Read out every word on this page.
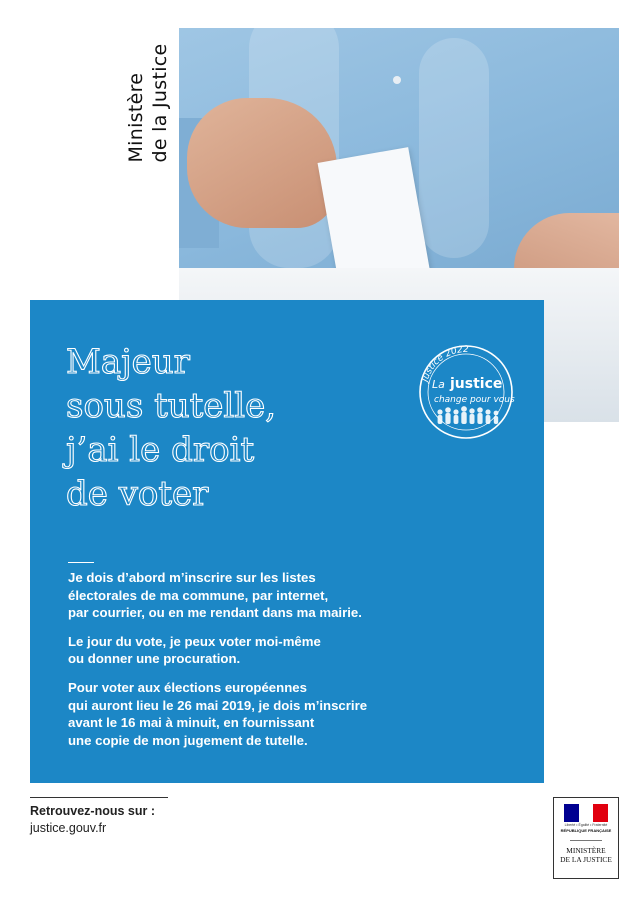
Ministère de la Justice
Majeur
sous tutelle,
j’ai le droit
de voter
Justice 2022
La justice
change pour vous

Je dois d’abord m’inscrire sur les listes
électorales de ma commune, par internet,
par courrier, ou en me rendant dans ma mairie.

Le jour du vote, je peux voter moi-même
ou donner une procuration.

Pour voter aux élections européennes
qui auront lieu le 26 mai 2019, je dois m’inscrire
avant le 16 mai à minuit, en fournissant
une copie de mon jugement de tutelle.

Retrouvez-nous sur :
justice.gouv.fr	Liberté • Égalité • Fraternité
RÉPUBLIQUE FRANÇAISE
MINISTÈRE
DE LA JUSTICE
